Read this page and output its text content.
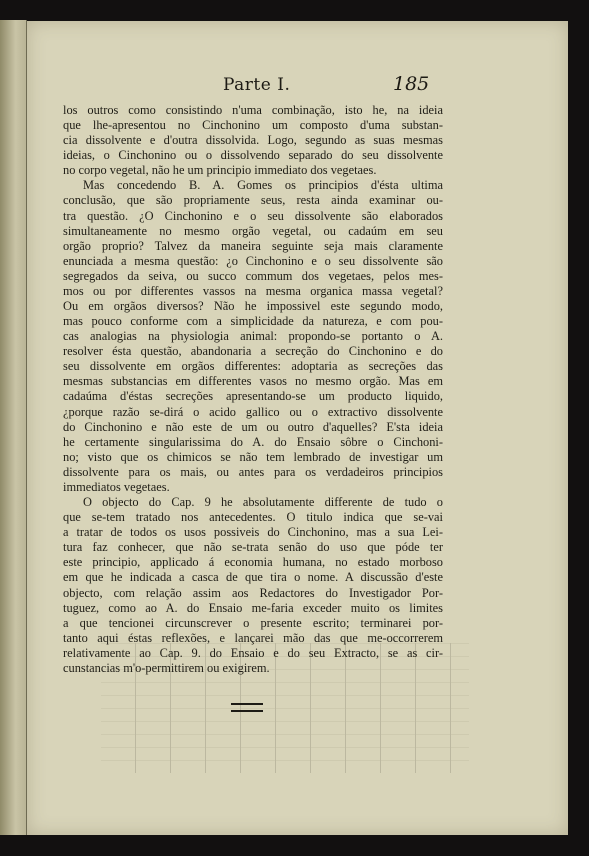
Parte I.	185
los outros como consistindo n'uma combinação, isto he, na ideia
que lhe-apresentou no Cinchonino um composto d'uma substan-
cia dissolvente e d'outra dissolvida. Logo, segundo as suas mesmas
ideias, o Cinchonino ou o dissolvendo separado do seu dissolvente
no corpo vegetal, não he um principio immediato dos vegetaes.
Mas concedendo B. A. Gomes os principios d'ésta ultima
conclusão, que são propriamente seus, resta ainda examinar ou-
tra questão. ¿O Cinchonino e o seu dissolvente são elaborados
simultaneamente no mesmo orgão vegetal, ou cadaúm em seu
orgão proprio? Talvez da maneira seguinte seja mais claramente
enunciada a mesma questão: ¿o Cinchonino e o seu dissolvente são
segregados da seiva, ou succo commum dos vegetaes, pelos mes-
mos ou por differentes vassos na mesma organica massa vegetal?
Ou em orgãos diversos? Não he impossivel este segundo modo,
mas pouco conforme com a simplicidade da natureza, e com pou-
cas analogias na physiologia animal: propondo-se portanto o A.
resolver ésta questão, abandonaria a secreção do Cinchonino e do
seu dissolvente em orgãos differentes: adoptaria as secreções das
mesmas substancias em differentes vasos no mesmo orgão. Mas em
cadaúma d'éstas secreções apresentando-se um producto liquido,
¿porque razão se-dirá o acido gallico ou o extractivo dissolvente
do Cinchonino e não este de um ou outro d'aquelles? E'sta ideia
he certamente singularissima do A. do Ensaio sôbre o Cinchoni-
no; visto que os chimicos se não tem lembrado de investigar um
dissolvente para os mais, ou antes para os verdadeiros principios
immediatos vegetaes.
O objecto do Cap. 9 he absolutamente differente de tudo o
que se-tem tratado nos antecedentes. O titulo indica que se-vai
a tratar de todos os usos possiveis do Cinchonino, mas a sua Lei-
tura faz conhecer, que não se-trata senão do uso que póde ter
este principio, applicado á economia humana, no estado morboso
em que he indicada a casca de que tira o nome. A discussão d'este
objecto, com relação assim aos Redactores do Investigador Por-
tuguez, como ao A. do Ensaio me-faria exceder muito os limites
a que tencionei circunscrever o presente escrito; terminarei por-
tanto aqui éstas reflexões, e lançarei mão das que me-occorrerem
relativamente ao Cap. 9. do Ensaio e do seu Extracto, se as cir-
cunstancias m'o-permittirem ou exigirem.
